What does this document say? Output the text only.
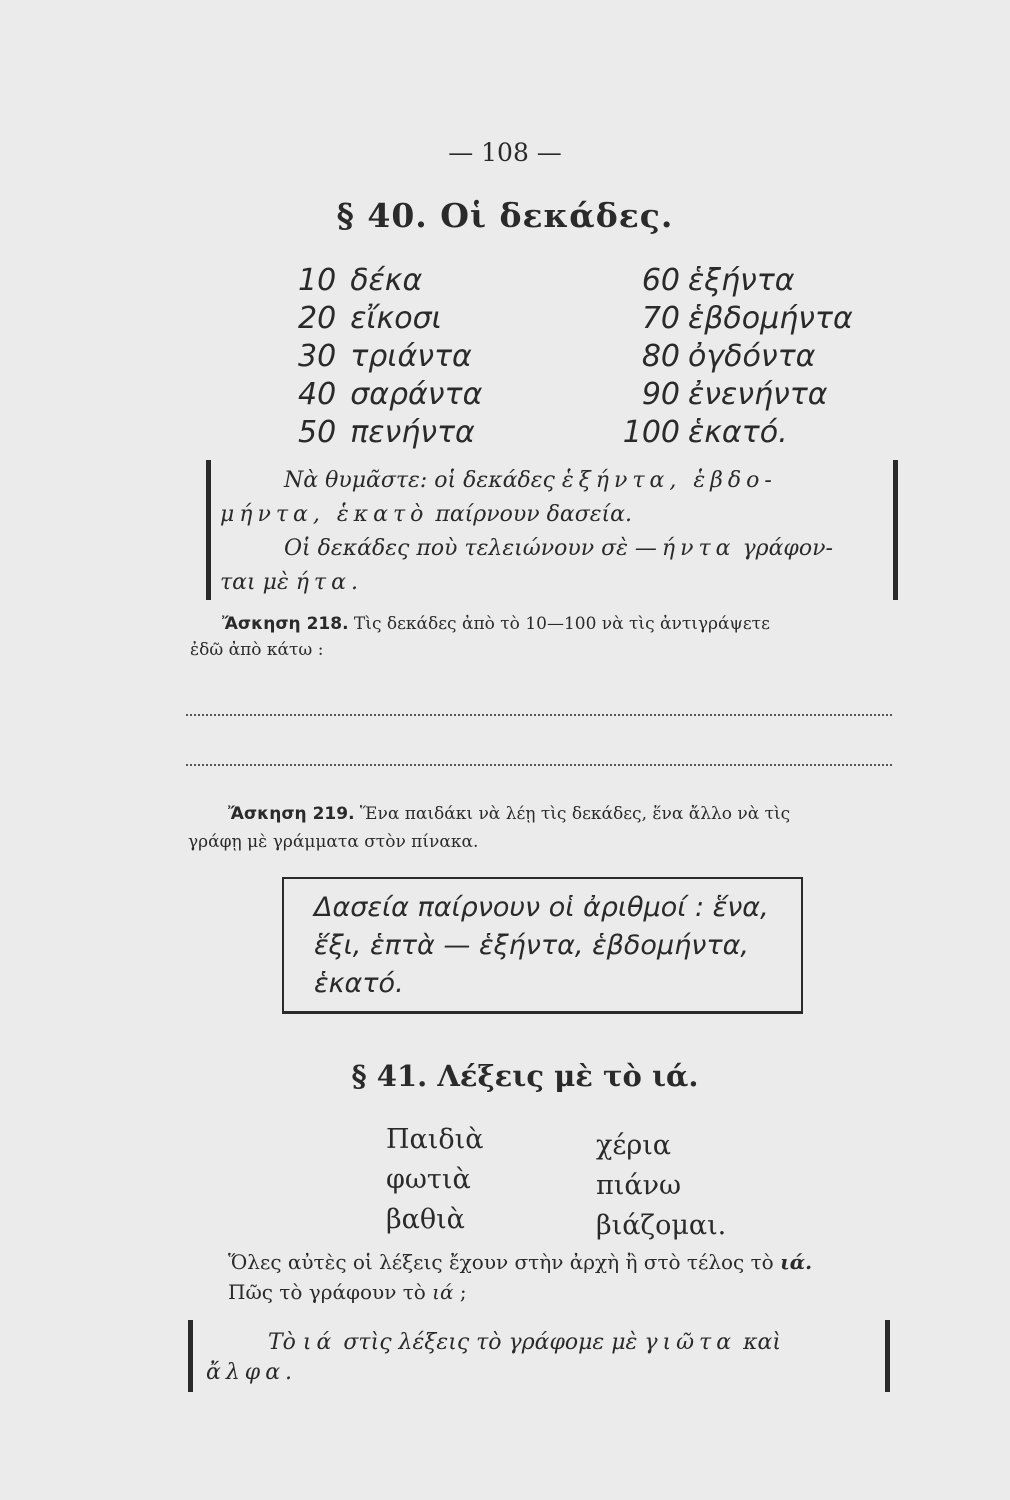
— 108 —
§ 40. Οἱ δεκάδες.
10 δέκα
20 εἴκοσι
30 τριάντα
40 σαράντα
50 πενήντα
60 ἑξήντα
70 ἑβδομήντα
80 ὀγδόντα
90 ἐνενήντα
100 ἑκατό.
Νὰ θυμᾶστε: οἱ δεκάδες ἑξήντα, ἑβδο-
μήντα, ἑκατὸ παίρνουν δασεία.
Οἱ δεκάδες ποὺ τελειώνουν σὲ —ήντα γράφον-
ται μὲ ήτα.
Ἄσκηση 218. Τὶς δεκάδες ἀπὸ τὸ 10—100 νὰ τὶς ἀντιγράψετε
ἐδῶ ἀπὸ κάτω :
Ἄσκηση 219. Ἕνα παιδάκι νὰ λέῃ τὶς δεκάδες, ἕνα ἄλλο νὰ τὶς
γράφῃ μὲ γράμματα στὸν πίνακα.
Δασεία παίρνουν οἱ ἀριθμοί : ἕνα,
ἕξι, ἑπτὰ — ἑξήντα, ἑβδομήντα,
ἑκατό.
§ 41. Λέξεις μὲ τὸ ιά.
Παιδιὰ
φωτιὰ
βαθιὰ
χέρια
πιάνω
βιάζομαι.
Ὅλες αὐτὲς οἱ λέξεις ἔχουν στὴν ἀρχὴ ἢ στὸ τέλος τὸ ιά.
Πῶς τὸ γράφουν τὸ ιά ;
Τὸ ιά στὶς λέξεις τὸ γράφομε μὲ γιῶτα καὶ
ἄλφα.
